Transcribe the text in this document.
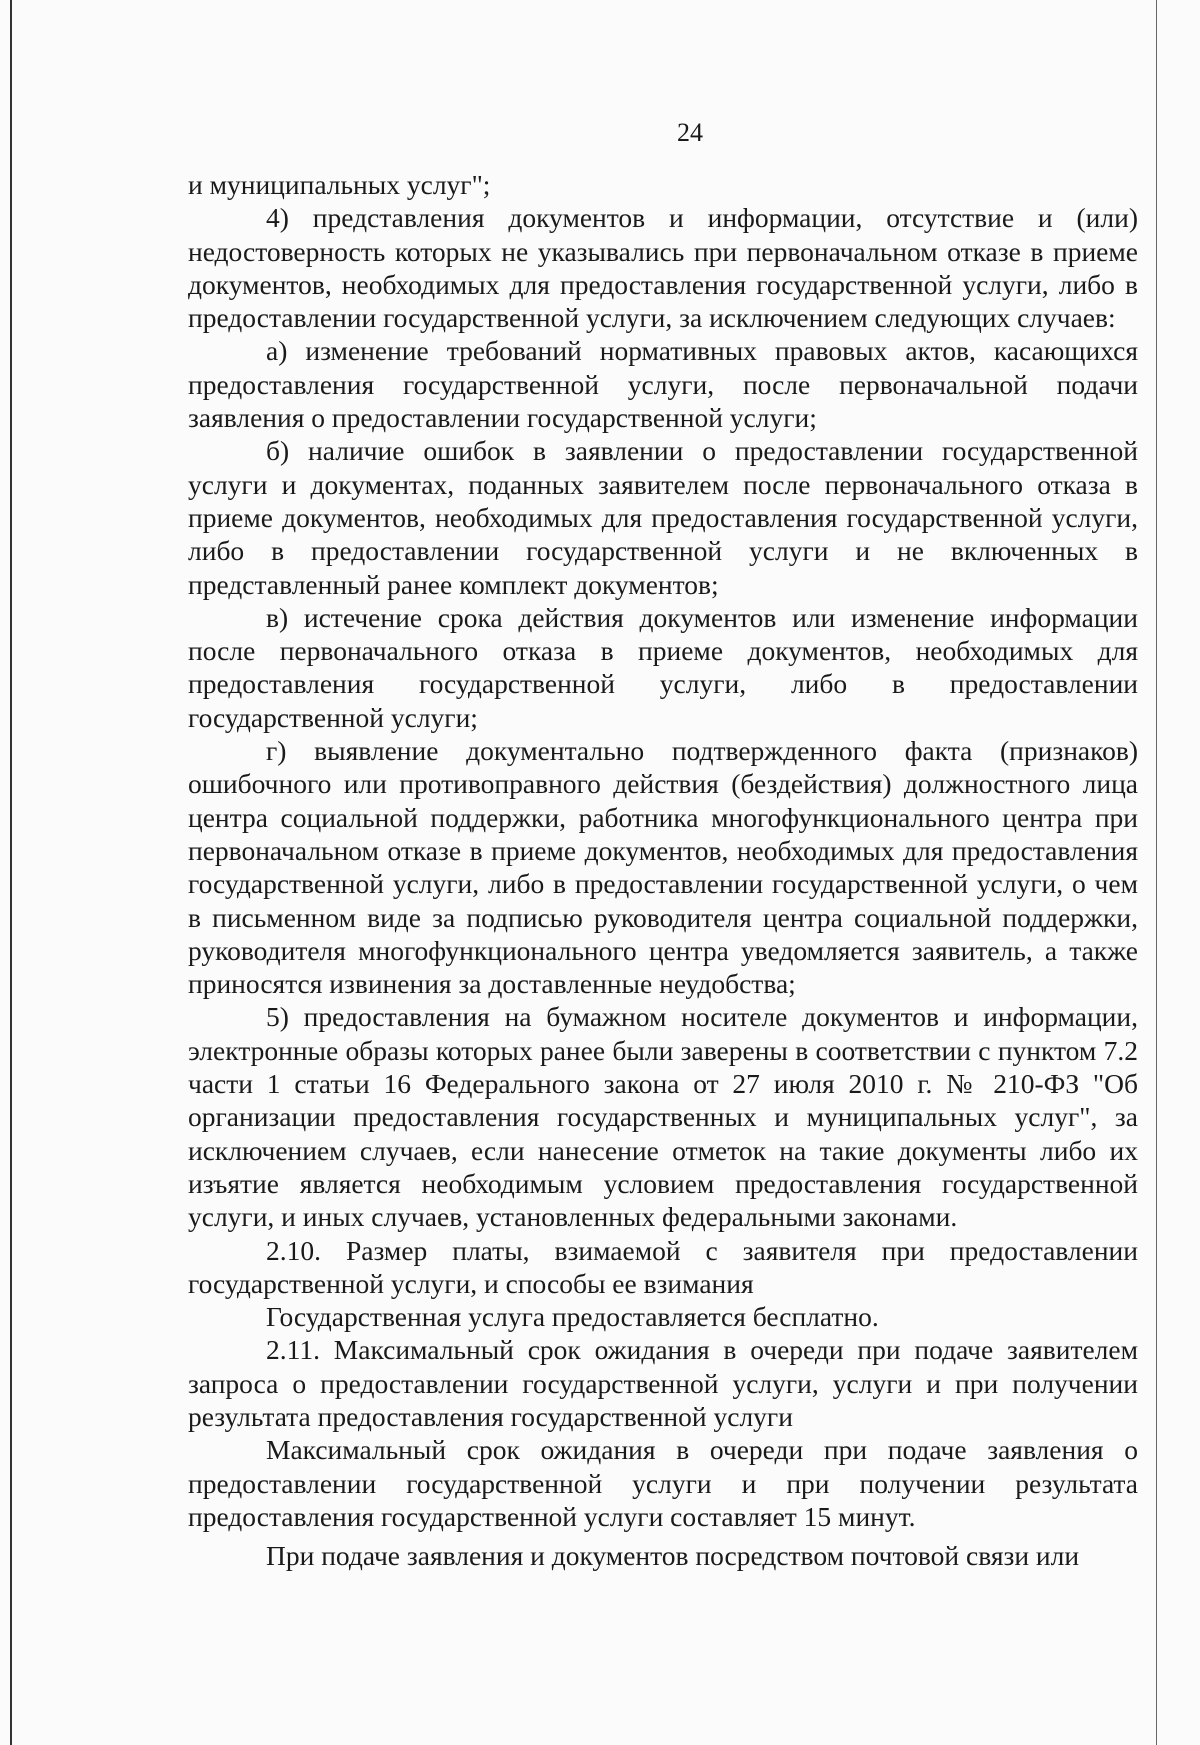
24

и муниципальных услуг";

4) представления документов и информации, отсутствие и (или) недостоверность которых не указывались при первоначальном отказе в приеме документов, необходимых для предоставления государственной услуги, либо в предоставлении государственной услуги, за исключением следующих случаев:

а) изменение требований нормативных правовых актов, касающихся предоставления государственной услуги, после первоначальной подачи заявления о предоставлении государственной услуги;

б) наличие ошибок в заявлении о предоставлении государственной услуги и документах, поданных заявителем после первоначального отказа в приеме документов, необходимых для предоставления государственной услуги, либо в предоставлении государственной услуги и не включенных в представленный ранее комплект документов;

в) истечение срока действия документов или изменение информации после первоначального отказа в приеме документов, необходимых для предоставления государственной услуги, либо в предоставлении государственной услуги;

г) выявление документально подтвержденного факта (признаков) ошибочного или противоправного действия (бездействия) должностного лица центра социальной поддержки, работника многофункционального центра при первоначальном отказе в приеме документов, необходимых для предоставления государственной услуги, либо в предоставлении государственной услуги, о чем в письменном виде за подписью руководителя центра социальной поддержки, руководителя многофункционального центра уведомляется заявитель, а также приносятся извинения за доставленные неудобства;

5) предоставления на бумажном носителе документов и информации, электронные образы которых ранее были заверены в соответствии с пунктом 7.2 части 1 статьи 16 Федерального закона от 27 июля 2010 г. № 210-ФЗ "Об организации предоставления государственных и муниципальных услуг", за исключением случаев, если нанесение отметок на такие документы либо их изъятие является необходимым условием предоставления государственной услуги, и иных случаев, установленных федеральными законами.

2.10. Размер платы, взимаемой с заявителя при предоставлении государственной услуги, и способы ее взимания

Государственная услуга предоставляется бесплатно.

2.11. Максимальный срок ожидания в очереди при подаче заявителем запроса о предоставлении государственной услуги, услуги и при получении результата предоставления государственной услуги

Максимальный срок ожидания в очереди при подаче заявления о предоставлении государственной услуги и при получении результата предоставления государственной услуги составляет 15 минут.

При подаче заявления и документов посредством почтовой связи или
